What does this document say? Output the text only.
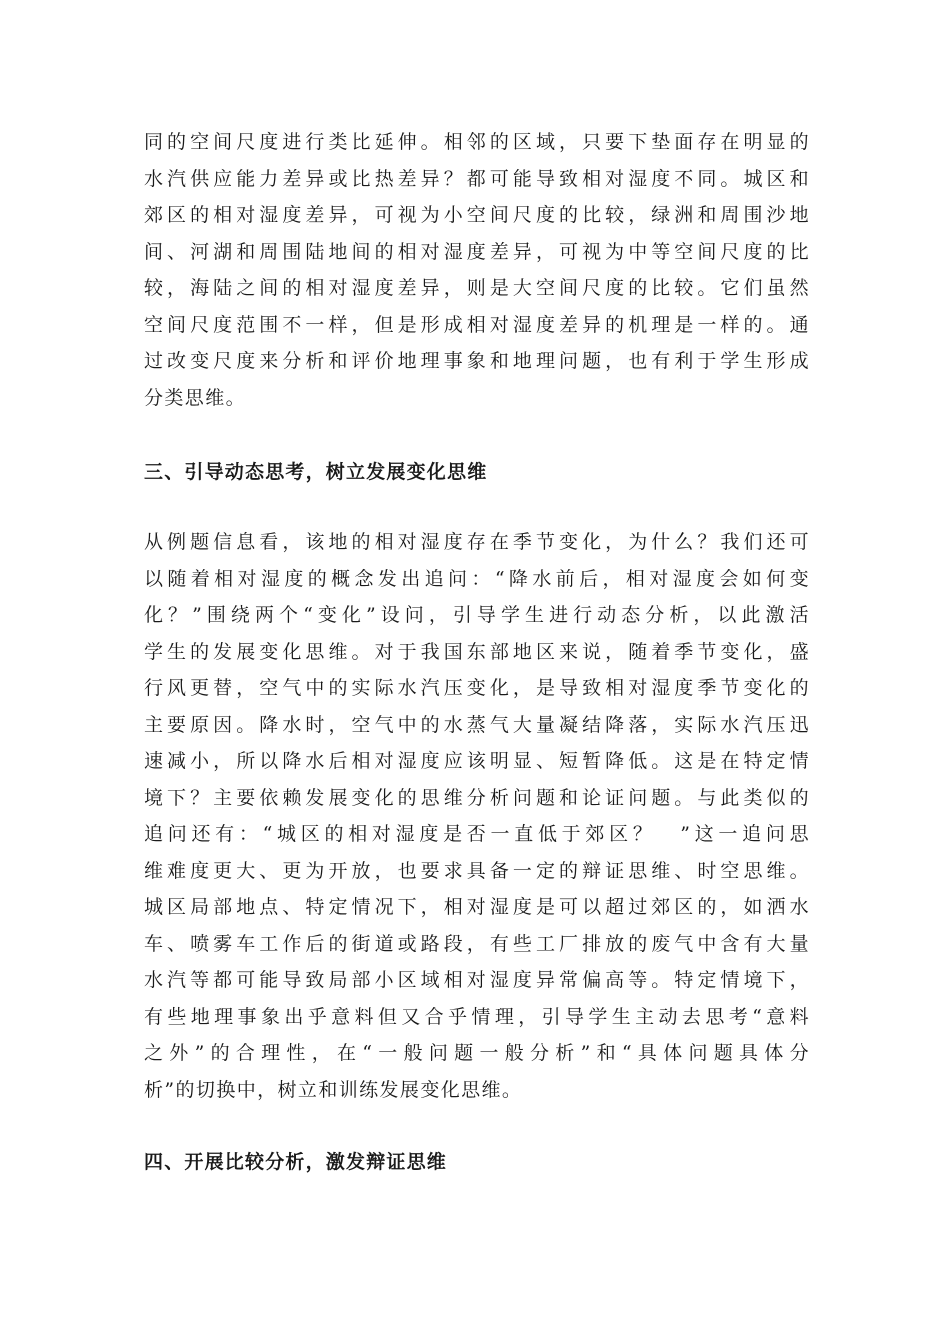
同的空间尺度进行类比延伸。相邻的区域，只要下垫面存在明显的
水汽供应能力差异或比热差异？都可能导致相对湿度不同。城区和
郊区的相对湿度差异，可视为小空间尺度的比较，绿洲和周围沙地
间、河湖和周围陆地间的相对湿度差异，可视为中等空间尺度的比
较，海陆之间的相对湿度差异，则是大空间尺度的比较。它们虽然
空间尺度范围不一样，但是形成相对湿度差异的机理是一样的。通
过改变尺度来分析和评价地理事象和地理问题，也有利于学生形成
分类思维。
三、引导动态思考，树立发展变化思维
从例题信息看，该地的相对湿度存在季节变化，为什么？我们还可
以随着相对湿度的概念发出追问：“降水前后，相对湿度会如何变
化？”围绕两个“变化”设问，引导学生进行动态分析，以此激活
学生的发展变化思维。对于我国东部地区来说，随着季节变化，盛
行风更替，空气中的实际水汽压变化，是导致相对湿度季节变化的
主要原因。降水时，空气中的水蒸气大量凝结降落，实际水汽压迅
速减小，所以降水后相对湿度应该明显、短暂降低。这是在特定情
境下？主要依赖发展变化的思维分析问题和论证问题。与此类似的
追问还有：“城区的相对湿度是否一直低于郊区？　”这一追问思
维难度更大、更为开放，也要求具备一定的辩证思维、时空思维。
城区局部地点、特定情况下，相对湿度是可以超过郊区的，如洒水
车、喷雾车工作后的街道或路段，有些工厂排放的废气中含有大量
水汽等都可能导致局部小区域相对湿度异常偏高等。特定情境下，
有些地理事象出乎意料但又合乎情理，引导学生主动去思考“意料
之外”的合理性，在“一般问题一般分析”和“具体问题具体分
析”的切换中，树立和训练发展变化思维。
四、开展比较分析，激发辩证思维
